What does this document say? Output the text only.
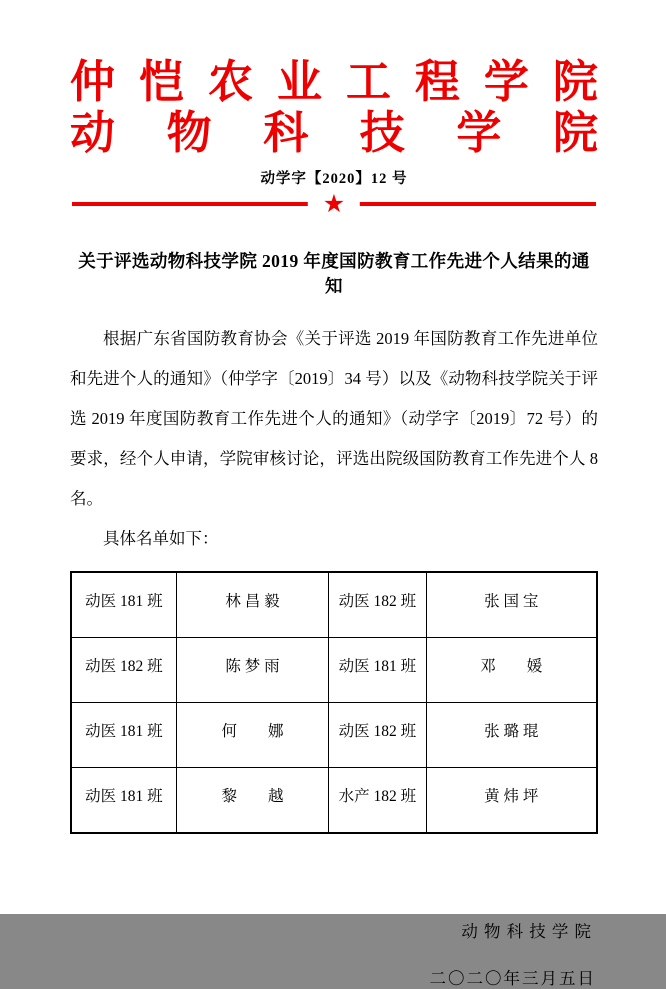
仲 恺 农 业 工 程 学 院
动 物 科 技 学 院
动学字【2020】12 号
★
关于评选动物科技学院 2019 年度国防教育工作先进个人结果的通知

根据广东省国防教育协会《关于评选 2019 年国防教育工作先进单位和先进个人的通知》（仲学字〔2019〕34 号）以及《动物科技学院关于评选 2019 年度国防教育工作先进个人的通知》（动学字〔2019〕72 号）的要求，经个人申请，学院审核讨论，评选出院级国防教育工作先进个人 8 名。

具体名单如下：

动医 181 班	林 昌 毅	动医 182 班	张 国 宝
动医 182 班	陈 梦 雨	动医 181 班	邓　　媛
动医 181 班	何　　娜	动医 182 班	张 璐 琨
动医 181 班	黎　　越	水产 182 班	黄 炜 坪
动 物 科 技 学 院
二〇二〇年三月五日
